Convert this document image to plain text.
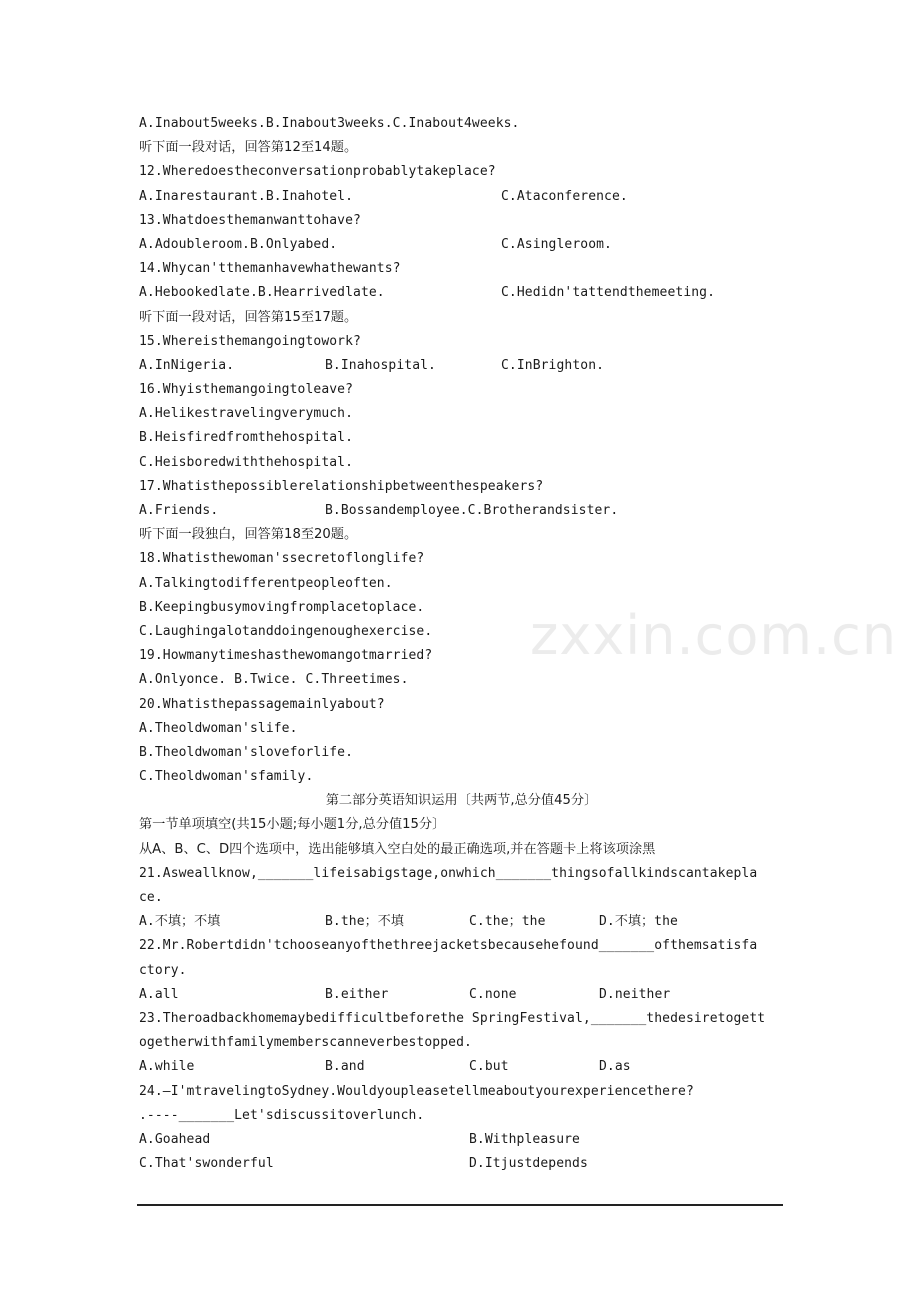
zxxin.com.cn
A.Inabout5weeks.B.Inabout3weeks.C.Inabout4weeks.
听下面一段对话，回答第12至14题。
12.Wheredoestheconversationprobablytakeplace?
A.Inarestaurant.B.Inahotel.	C.Ataconference.
13.Whatdoesthemanwanttohave?
A.Adoubleroom.B.Onlyabed.	C.Asingleroom.
14.Whycan'tthemanhavewhathewants?
A.Hebookedlate.B.Hearrivedlate.	C.Hedidn'tattendthemeeting.
听下面一段对话，回答第15至17题。
15.Whereisthemangoingtowork?
A.InNigeria.	B.Inahospital.	C.InBrighton.
16.Whyisthemangoingtoleave?
A.Helikestravelingverymuch.
B.Heisfiredfromthehospital.
C.Heisboredwiththehospital.
17.Whatisthepossiblerelationshipbetweenthespeakers?
A.Friends.	B.Bossandemployee.C.Brotherandsister.
听下面一段独白，回答第18至20题。
18.Whatisthewoman'ssecretoflonglife?
A.Talkingtodifferentpeopleoften.
B.Keepingbusymovingfromplacetoplace.
C.Laughingalotanddoingenoughexercise.
19.Howmanytimeshasthewomangotmarried?
A.Onlyonce. B.Twice. C.Threetimes.
20.Whatisthepassagemainlyabout?
A.Theoldwoman'slife.
B.Theoldwoman'sloveforlife.
C.Theoldwoman'sfamily.
第二部分英语知识运用〔共两节,总分值45分〕
第一节单项填空(共15小题;每小题1分,总分值15分〕
从A、B、C、D四个选项中，选出能够填入空白处的最正确选项,并在答题卡上将该项涂黑
21.Asweallknow,_______lifeisabigstage,onwhich_______thingsofallkindscantakepla
ce.
A.不填；不填	B.the；不填	C.the；the	D.不填；the
22.Mr.Robertdidn'tchooseanyofthethreejacketsbecausehefound_______ofthemsatisfa
ctory.
A.all	B.either	C.none	D.neither
23.Theroadbackhomemaybedifficultbeforethe SpringFestival,_______thedesiretogett
ogetherwithfamilymemberscanneverbestopped.
A.while	B.and	C.but	D.as
24.—I'mtravelingtoSydney.Wouldyoupleasetellmeaboutyourexperiencethere?
.----_______Let'sdiscussitoverlunch.
A.Goahead	B.Withpleasure
C.That'swonderful	D.Itjustdepends
